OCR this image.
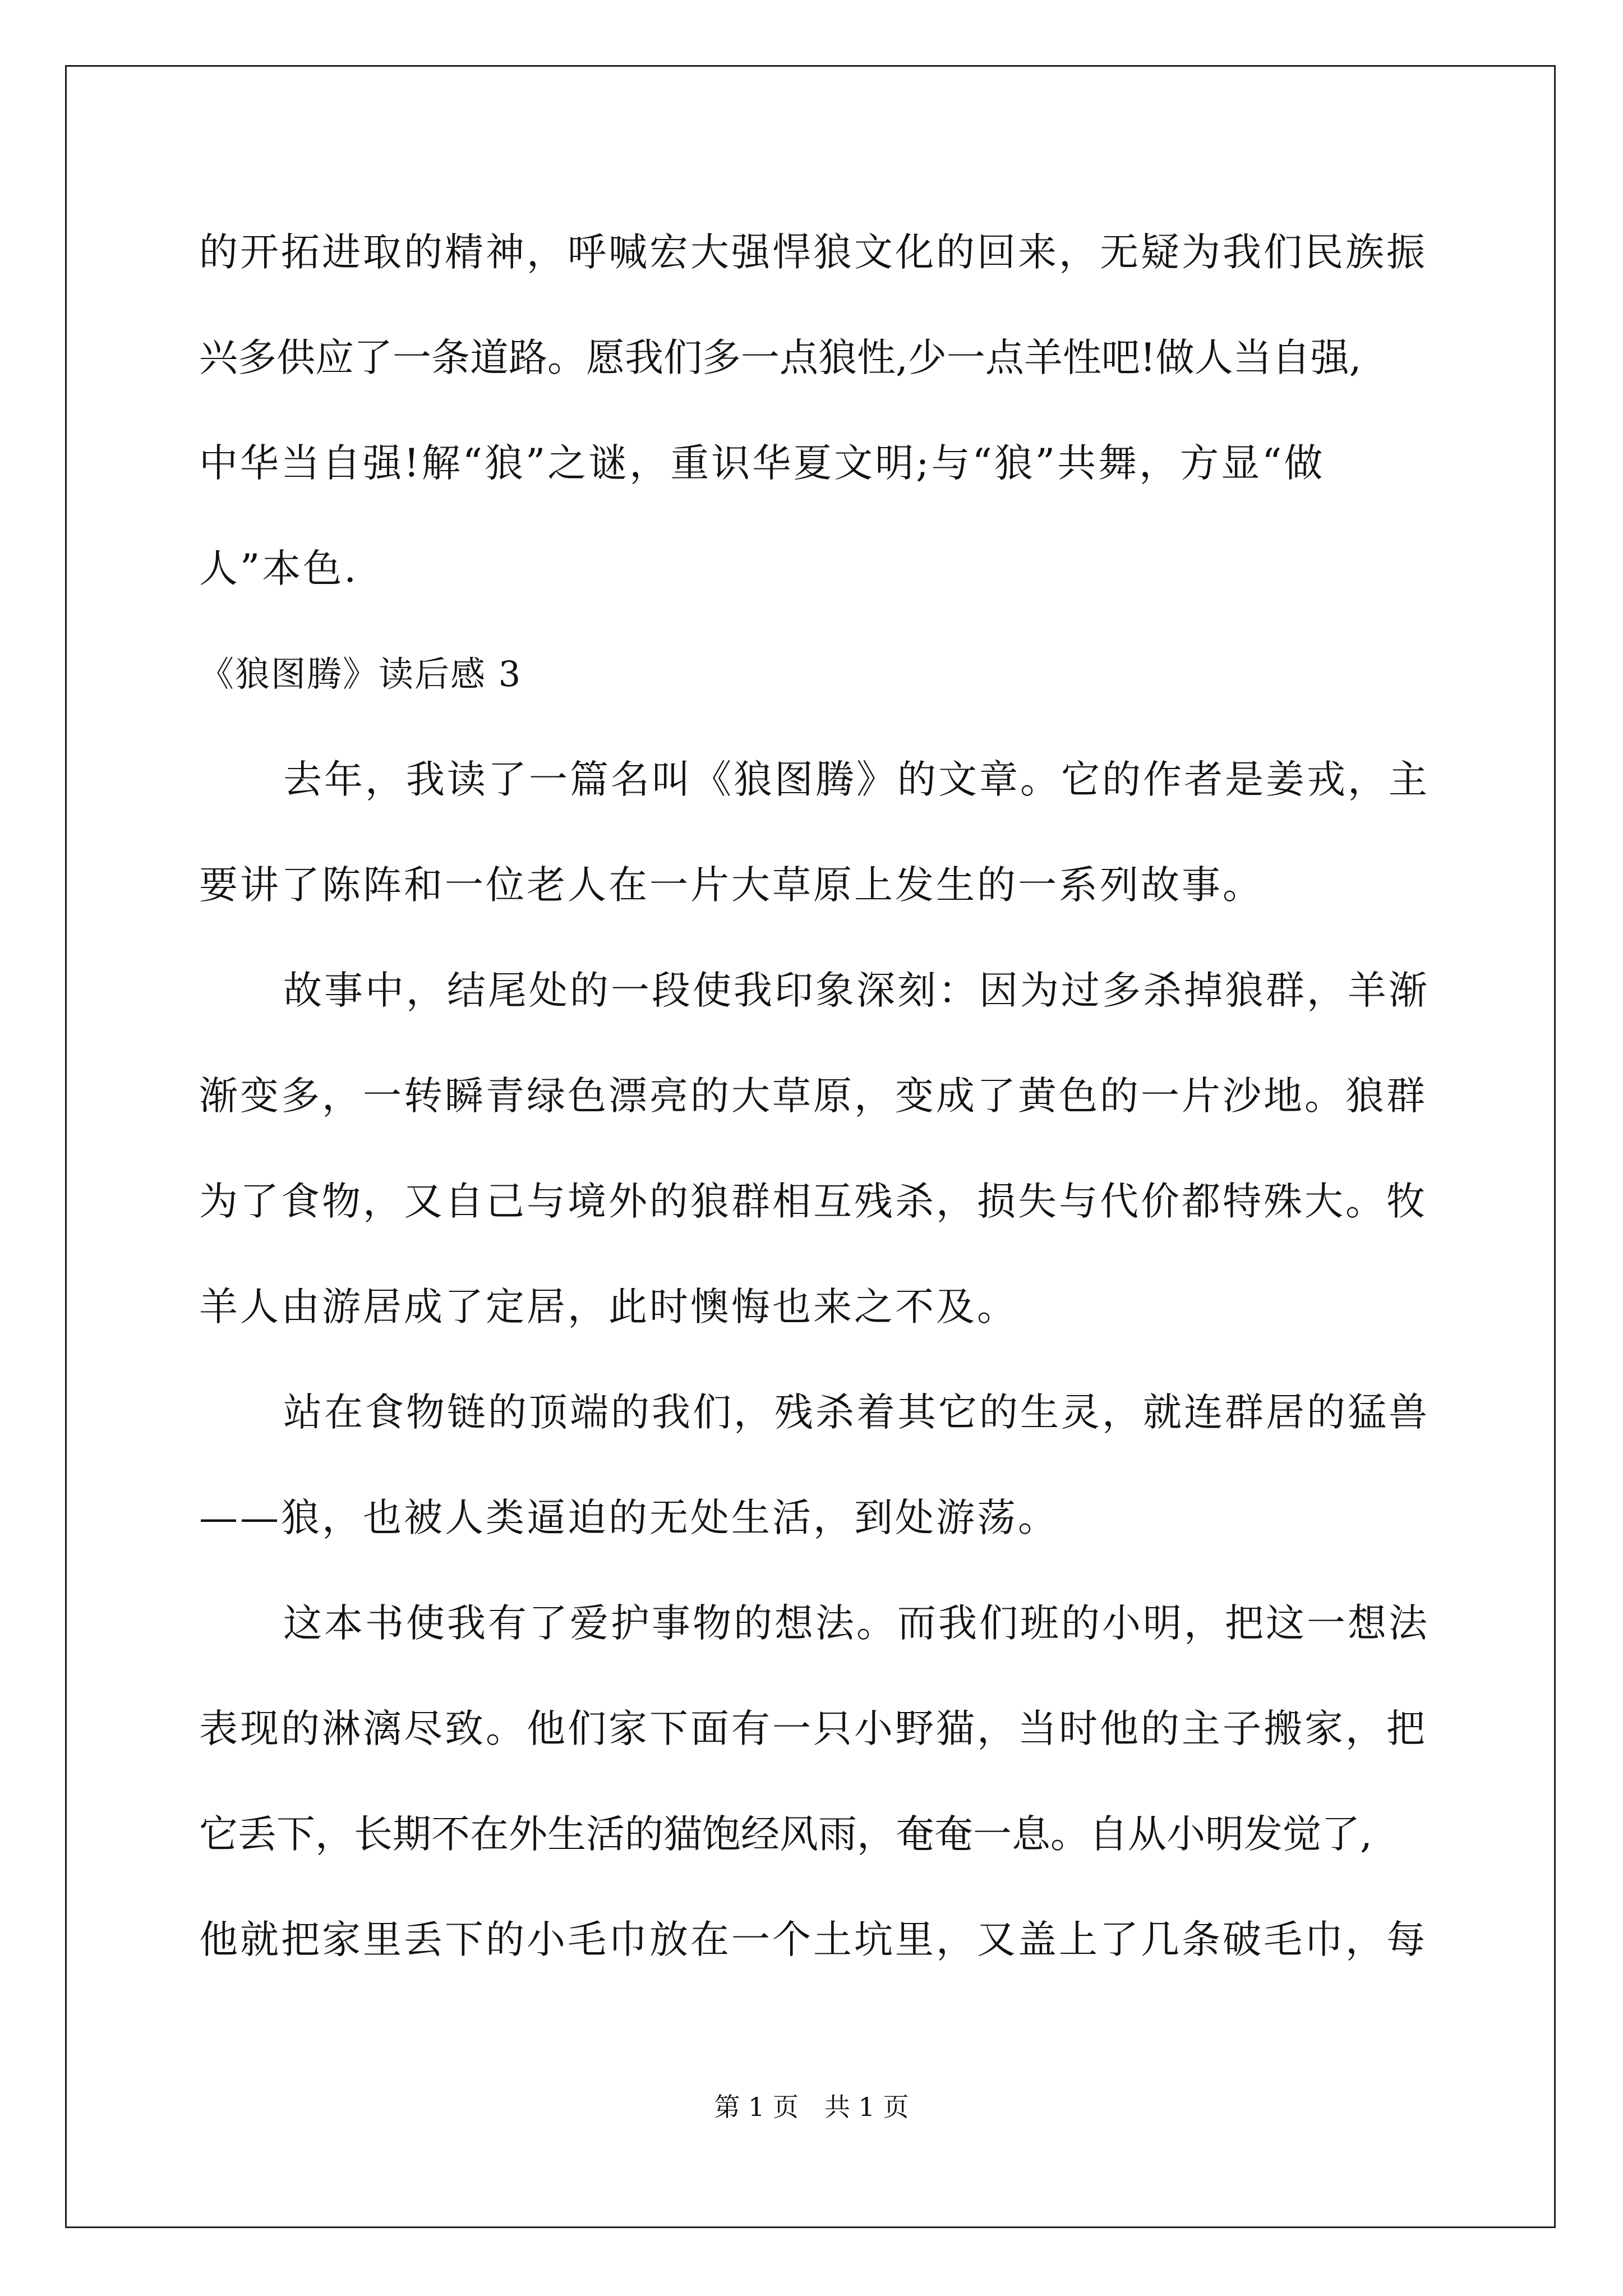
的开拓进取的精神，呼喊宏大强悍狼文化的回来，无疑为我们民族振
兴多供应了一条道路。愿我们多一点狼性,少一点羊性吧!做人当自强,
中华当自强!解“狼”之谜，重识华夏文明;与“狼”共舞，方显“做
人”本色.
《狼图腾》读后感 3
去年，我读了一篇名叫《狼图腾》的文章。它的作者是姜戎，主
要讲了陈阵和一位老人在一片大草原上发生的一系列故事。
故事中，结尾处的一段使我印象深刻：因为过多杀掉狼群，羊渐
渐变多，一转瞬青绿色漂亮的大草原，变成了黄色的一片沙地。狼群
为了食物，又自己与境外的狼群相互残杀，损失与代价都特殊大。牧
羊人由游居成了定居，此时懊悔也来之不及。
站在食物链的顶端的我们，残杀着其它的生灵，就连群居的猛兽
——狼，也被人类逼迫的无处生活，到处游荡。
这本书使我有了爱护事物的想法。而我们班的小明，把这一想法
表现的淋漓尽致。他们家下面有一只小野猫，当时他的主子搬家，把
它丢下，长期不在外生活的猫饱经风雨，奄奄一息。自从小明发觉了,
他就把家里丢下的小毛巾放在一个土坑里，又盖上了几条破毛巾，每
第 1 页　共 1 页
